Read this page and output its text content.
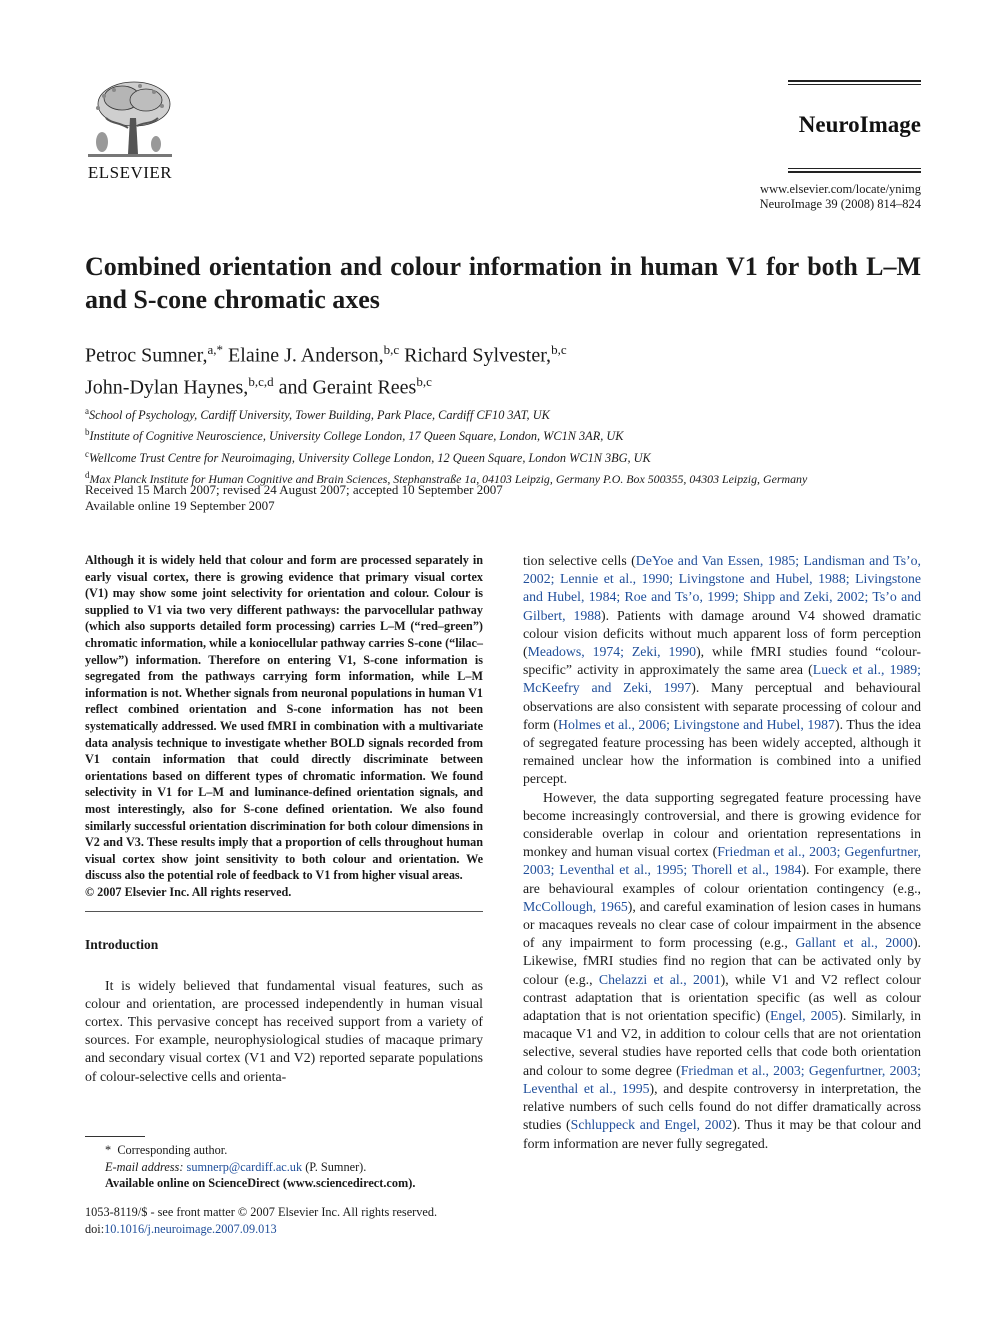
ELSEVIER
NeuroImage
www.elsevier.com/locate/ynimg
NeuroImage 39 (2008) 814–824
Combined orientation and colour information in human V1 for both L–M and S-cone chromatic axes
Petroc Sumner,$^{a,*}$ Elaine J. Anderson,$^{b,c}$ Richard Sylvester,$^{b,c}$
John-Dylan Haynes,$^{b,c,d}$ and Geraint Rees$^{b,c}$
$^a$School of Psychology, Cardiff University, Tower Building, Park Place, Cardiff CF10 3AT, UK
$^b$Institute of Cognitive Neuroscience, University College London, 17 Queen Square, London, WC1N 3AR, UK
$^c$Wellcome Trust Centre for Neuroimaging, University College London, 12 Queen Square, London WC1N 3BG, UK
$^d$Max Planck Institute for Human Cognitive and Brain Sciences, Stephanstraße 1a, 04103 Leipzig, Germany P.O. Box 500355, 04303 Leipzig, Germany
Received 15 March 2007; revised 24 August 2007; accepted 10 September 2007
Available online 19 September 2007

Although it is widely held that colour and form are processed separately in early visual cortex, there is growing evidence that primary visual cortex (V1) may show some joint selectivity for orientation and colour. Colour is supplied to V1 via two very different pathways: the parvocellular pathway (which also supports detailed form processing) carries L–M (“red–green”) chromatic information, while a koniocellular pathway carries S-cone (“lilac–yellow”) information. Therefore on entering V1, S-cone information is segregated from the pathways carrying form information, while L–M information is not. Whether signals from neuronal populations in human V1 reflect combined orientation and S-cone information has not been systematically addressed. We used fMRI in combination with a multivariate data analysis technique to investigate whether BOLD signals recorded from V1 contain information that could directly discriminate between orientations based on different types of chromatic information. We found selectivity in V1 for L–M and luminance-defined orientation signals, and most interestingly, also for S-cone defined orientation. We also found similarly successful orientation discrimination for both colour dimensions in V2 and V3. These results imply that a proportion of cells throughout human visual cortex show joint sensitivity to both colour and orientation. We discuss also the potential role of feedback to V1 from higher visual areas.

© 2007 Elsevier Inc. All rights reserved.

Introduction

It is widely believed that fundamental visual features, such as colour and orientation, are processed independently in human visual cortex. This pervasive concept has received support from a variety of sources. For example, neurophysiological studies of macaque primary and secondary visual cortex (V1 and V2) reported separate populations of colour-selective cells and orienta-

tion selective cells (DeYoe and Van Essen, 1985; Landisman and Ts’o, 2002; Lennie et al., 1990; Livingstone and Hubel, 1988; Livingstone and Hubel, 1984; Roe and Ts’o, 1999; Shipp and Zeki, 2002; Ts’o and Gilbert, 1988). Patients with damage around V4 showed dramatic colour vision deficits without much apparent loss of form perception (Meadows, 1974; Zeki, 1990), while fMRI studies found “colour-specific” activity in approximately the same area (Lueck et al., 1989; McKeefry and Zeki, 1997). Many perceptual and behavioural observations are also consistent with separate processing of colour and form (Holmes et al., 2006; Livingstone and Hubel, 1987). Thus the idea of segregated feature processing has been widely accepted, although it remained unclear how the information is combined into a unified percept.

However, the data supporting segregated feature processing have become increasingly controversial, and there is growing evidence for considerable overlap in colour and orientation representations in monkey and human visual cortex (Friedman et al., 2003; Gegenfurtner, 2003; Leventhal et al., 1995; Thorell et al., 1984). For example, there are behavioural examples of colour orientation contingency (e.g., McCollough, 1965), and careful examination of lesion cases in humans or macaques reveals no clear case of colour impairment in the absence of any impairment to form processing (e.g., Gallant et al., 2000). Likewise, fMRI studies find no region that can be activated only by colour (e.g., Chelazzi et al., 2001), while V1 and V2 reflect colour contrast adaptation that is orientation specific (as well as colour adaptation that is not orientation specific) (Engel, 2005). Similarly, in macaque V1 and V2, in addition to colour cells that are not orientation selective, several studies have reported cells that code both orientation and colour to some degree (Friedman et al., 2003; Gegenfurtner, 2003; Leventhal et al., 1995), and despite controversy in interpretation, the relative numbers of such cells found do not differ dramatically across studies (Schluppeck and Engel, 2002). Thus it may be that colour and form information are never fully segregated.

* Corresponding author.
E-mail address: sumnerp@cardiff.ac.uk (P. Sumner).
Available online on ScienceDirect (www.sciencedirect.com).
1053-8119/$ - see front matter © 2007 Elsevier Inc. All rights reserved.
doi:10.1016/j.neuroimage.2007.09.013
